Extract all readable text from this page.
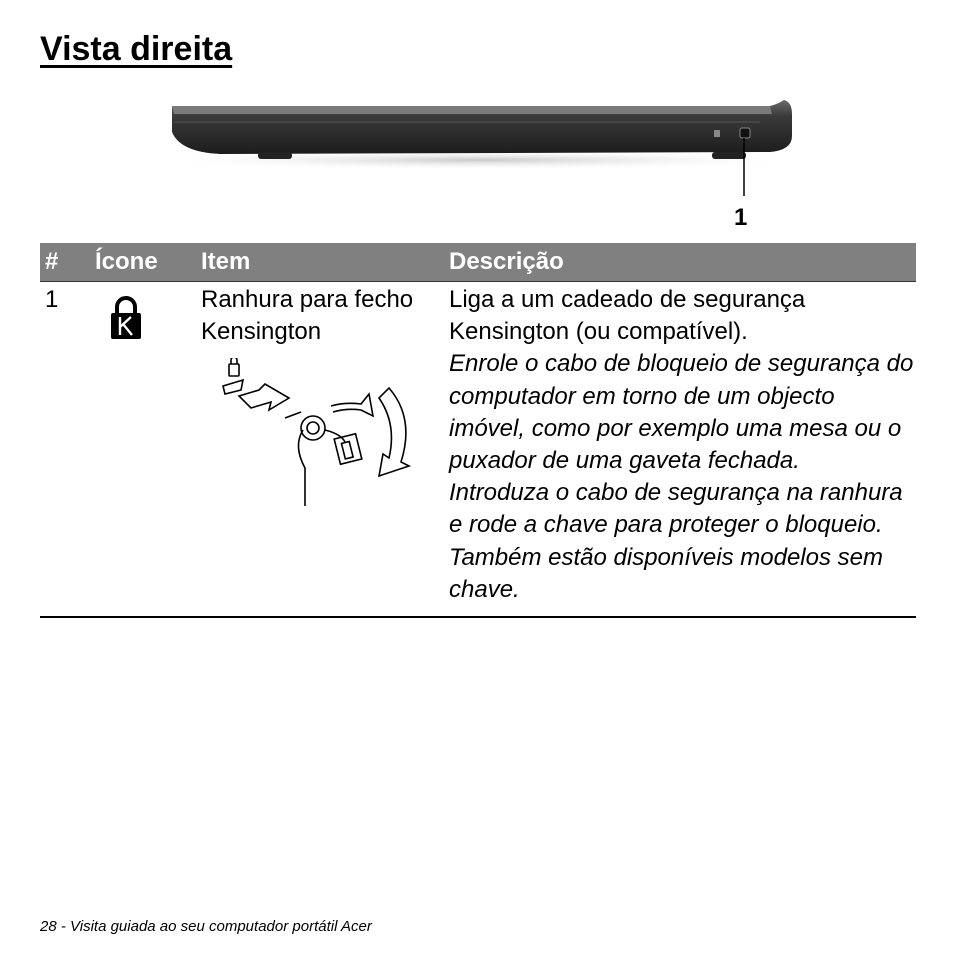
Vista direita
1
#	Ícone	Item	Descrição
1		Ranhura para fecho Kensington	Liga a um cadeado de segurança Kensington (ou compatível).
Enrole o cabo de bloqueio de segurança do computador em torno de um objecto imóvel, como por exemplo uma mesa ou o puxador de uma gaveta fechada.
Introduza o cabo de segurança na ranhura e rode a chave para proteger o bloqueio.
Também estão disponíveis modelos sem chave.
28 - Visita guiada ao seu computador portátil Acer
